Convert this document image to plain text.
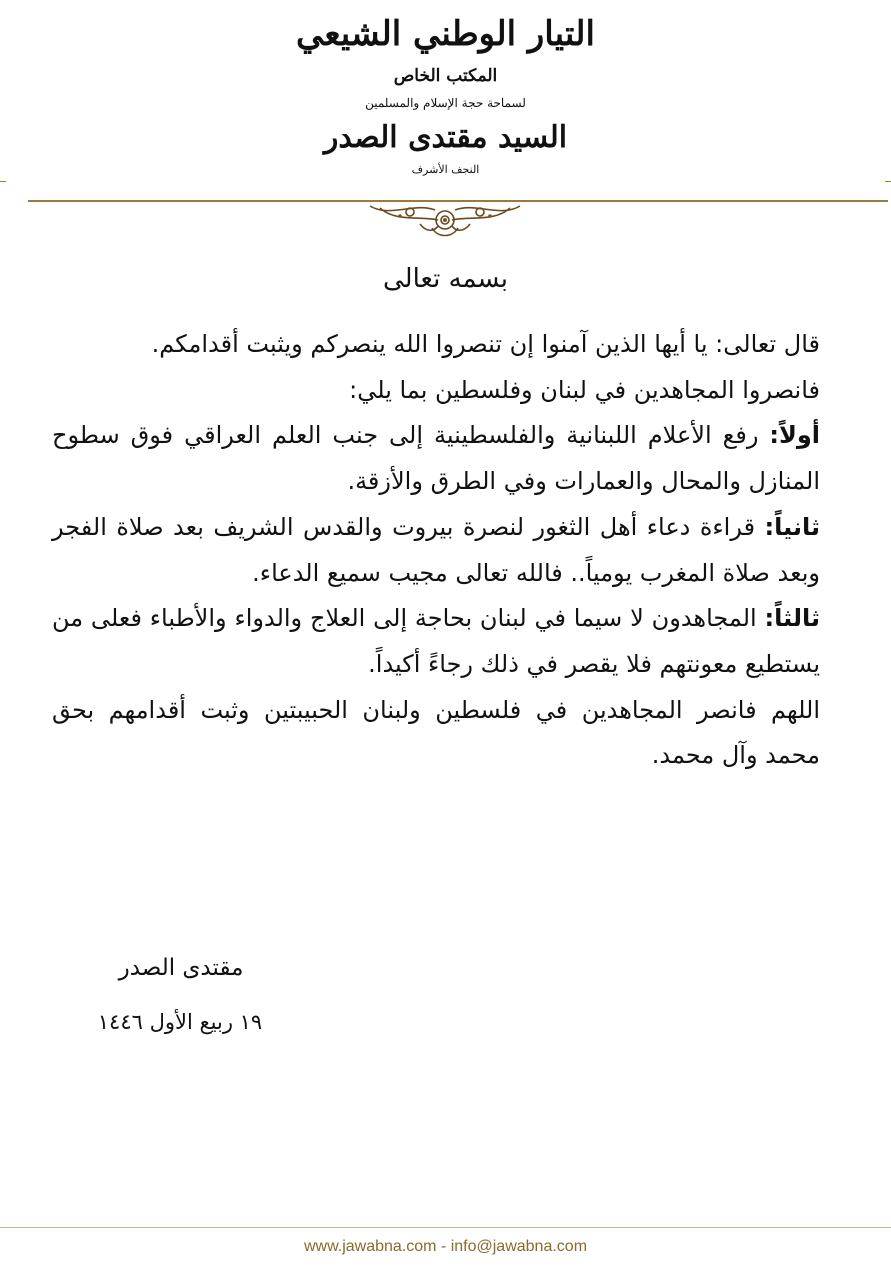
التيار الوطني الشيعي
المكتب الخاص
لسماحة حجة الإسلام والمسلمين
السيد مقتدى الصدر
النجف الأشرف
بسمه تعالى

قال تعالى: يا أيها الذين آمنوا إن تنصروا الله ينصركم ويثبت أقدامكم.

فانصروا المجاهدين في لبنان وفلسطين بما يلي:

أولاً: رفع الأعلام اللبنانية والفلسطينية إلى جنب العلم العراقي فوق سطوح المنازل والمحال والعمارات وفي الطرق والأزقة.

ثانياً: قراءة دعاء أهل الثغور لنصرة بيروت والقدس الشريف بعد صلاة الفجر وبعد صلاة المغرب يومياً.. فالله تعالى مجيب سميع الدعاء.

ثالثاً: المجاهدون لا سيما في لبنان بحاجة إلى العلاج والدواء والأطباء فعلى من يستطيع معونتهم فلا يقصر في ذلك رجاءً أكيداً.

اللهم فانصر المجاهدين في فلسطين ولبنان الحبيبتين وثبت أقدامهم بحق محمد وآل محمد.

مقتدى الصدر
١٩ ربيع الأول ١٤٤٦
www.jawabna.com - info@jawabna.com
